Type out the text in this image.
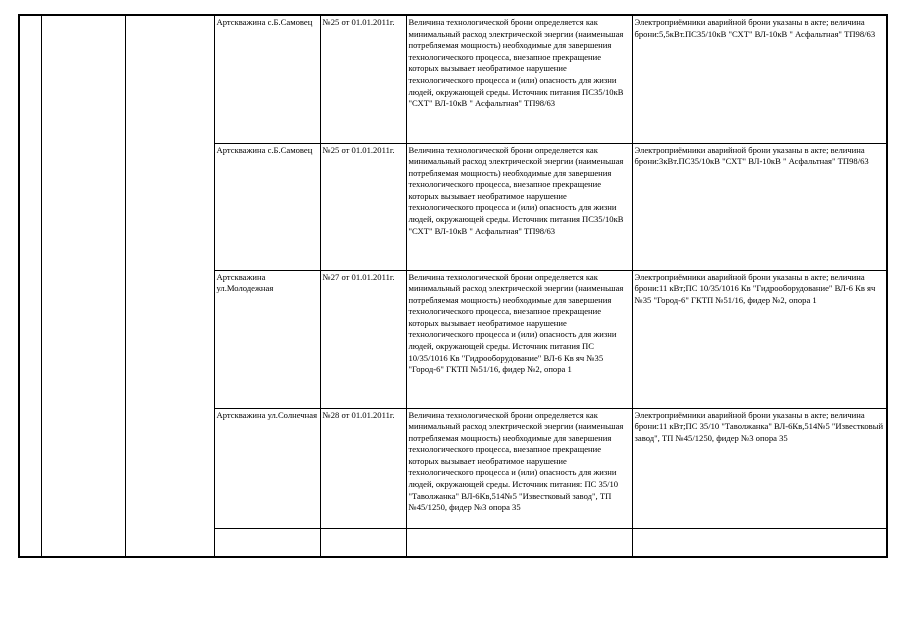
			Артскважина с.Б.Самовец	№25 от 01.01.2011г.	Величина технологической брони определяется как минимальный расход электрической энергии (наименьшая потребляемая мощность) необходимые для завершения технологического процесса, внезапное прекращение которых вызывает необратимое нарушение технологического процесса и (или) опасность для жизни людей, окружающей среды. Источник питания ПС35/10кВ "СХТ" ВЛ-10кВ " Асфальтная" ТП98/63	Электроприёмники аварийной брони указаны в акте; величина брони:5,5кВт.ПС35/10кВ "СХТ" ВЛ-10кВ " Асфальтная" ТП98/63

			Артскважина с.Б.Самовец	№25 от 01.01.2011г.	Величина технологической брони определяется как минимальный расход электрической энергии (наименьшая потребляемая мощность) необходимые для завершения технологического процесса, внезапное прекращение которых вызывает необратимое нарушение технологического процесса и (или) опасность для жизни людей, окружающей среды. Источник питания ПС35/10кВ "СХТ" ВЛ-10кВ " Асфальтная" ТП98/63	Электроприёмники аварийной брони указаны в акте; величина брони:3кВт.ПС35/10кВ "СХТ" ВЛ-10кВ " Асфальтная" ТП98/63

			Артскважина ул.Молодежная	№27 от 01.01.2011г.	Величина технологической брони определяется как минимальный расход электрической энергии (наименьшая потребляемая мощность) необходимые для завершения технологического процесса, внезапное прекращение которых вызывает необратимое нарушение технологического процесса и (или) опасность для жизни людей, окружающей среды. Источник питания ПС 10/35/1016 Кв "Гидрооборудование" ВЛ-6 Кв яч №35 "Город-6" ГКТП №51/16, фидер №2, опора 1	Электроприёмники аварийной брони указаны в акте; величина брони:11 кВт;ПС 10/35/1016 Кв "Гидрооборудование" ВЛ-6 Кв яч №35 "Город-6" ГКТП №51/16, фидер №2, опора 1

			Артскважина ул.Солнечная	№28 от 01.01.2011г.	Величина технологической брони определяется как минимальный расход электрической энергии (наименьшая потребляемая мощность) необходимые для завершения технологического процесса, внезапное прекращение которых вызывает необратимое нарушение технологического процесса и (или) опасность для жизни людей, окружающей среды. Источник питания: ПС 35/10 "Таволжанка" ВЛ-6Кв,514№5 "Известковый завод", ТП №45/1250, фидер №3 опора 35	Электроприёмники аварийной брони указаны в акте; величина брони:11 кВт;ПС 35/10 "Таволжанка" ВЛ-6Кв,514№5 "Известковый завод", ТП №45/1250, фидер №3 опора 35
